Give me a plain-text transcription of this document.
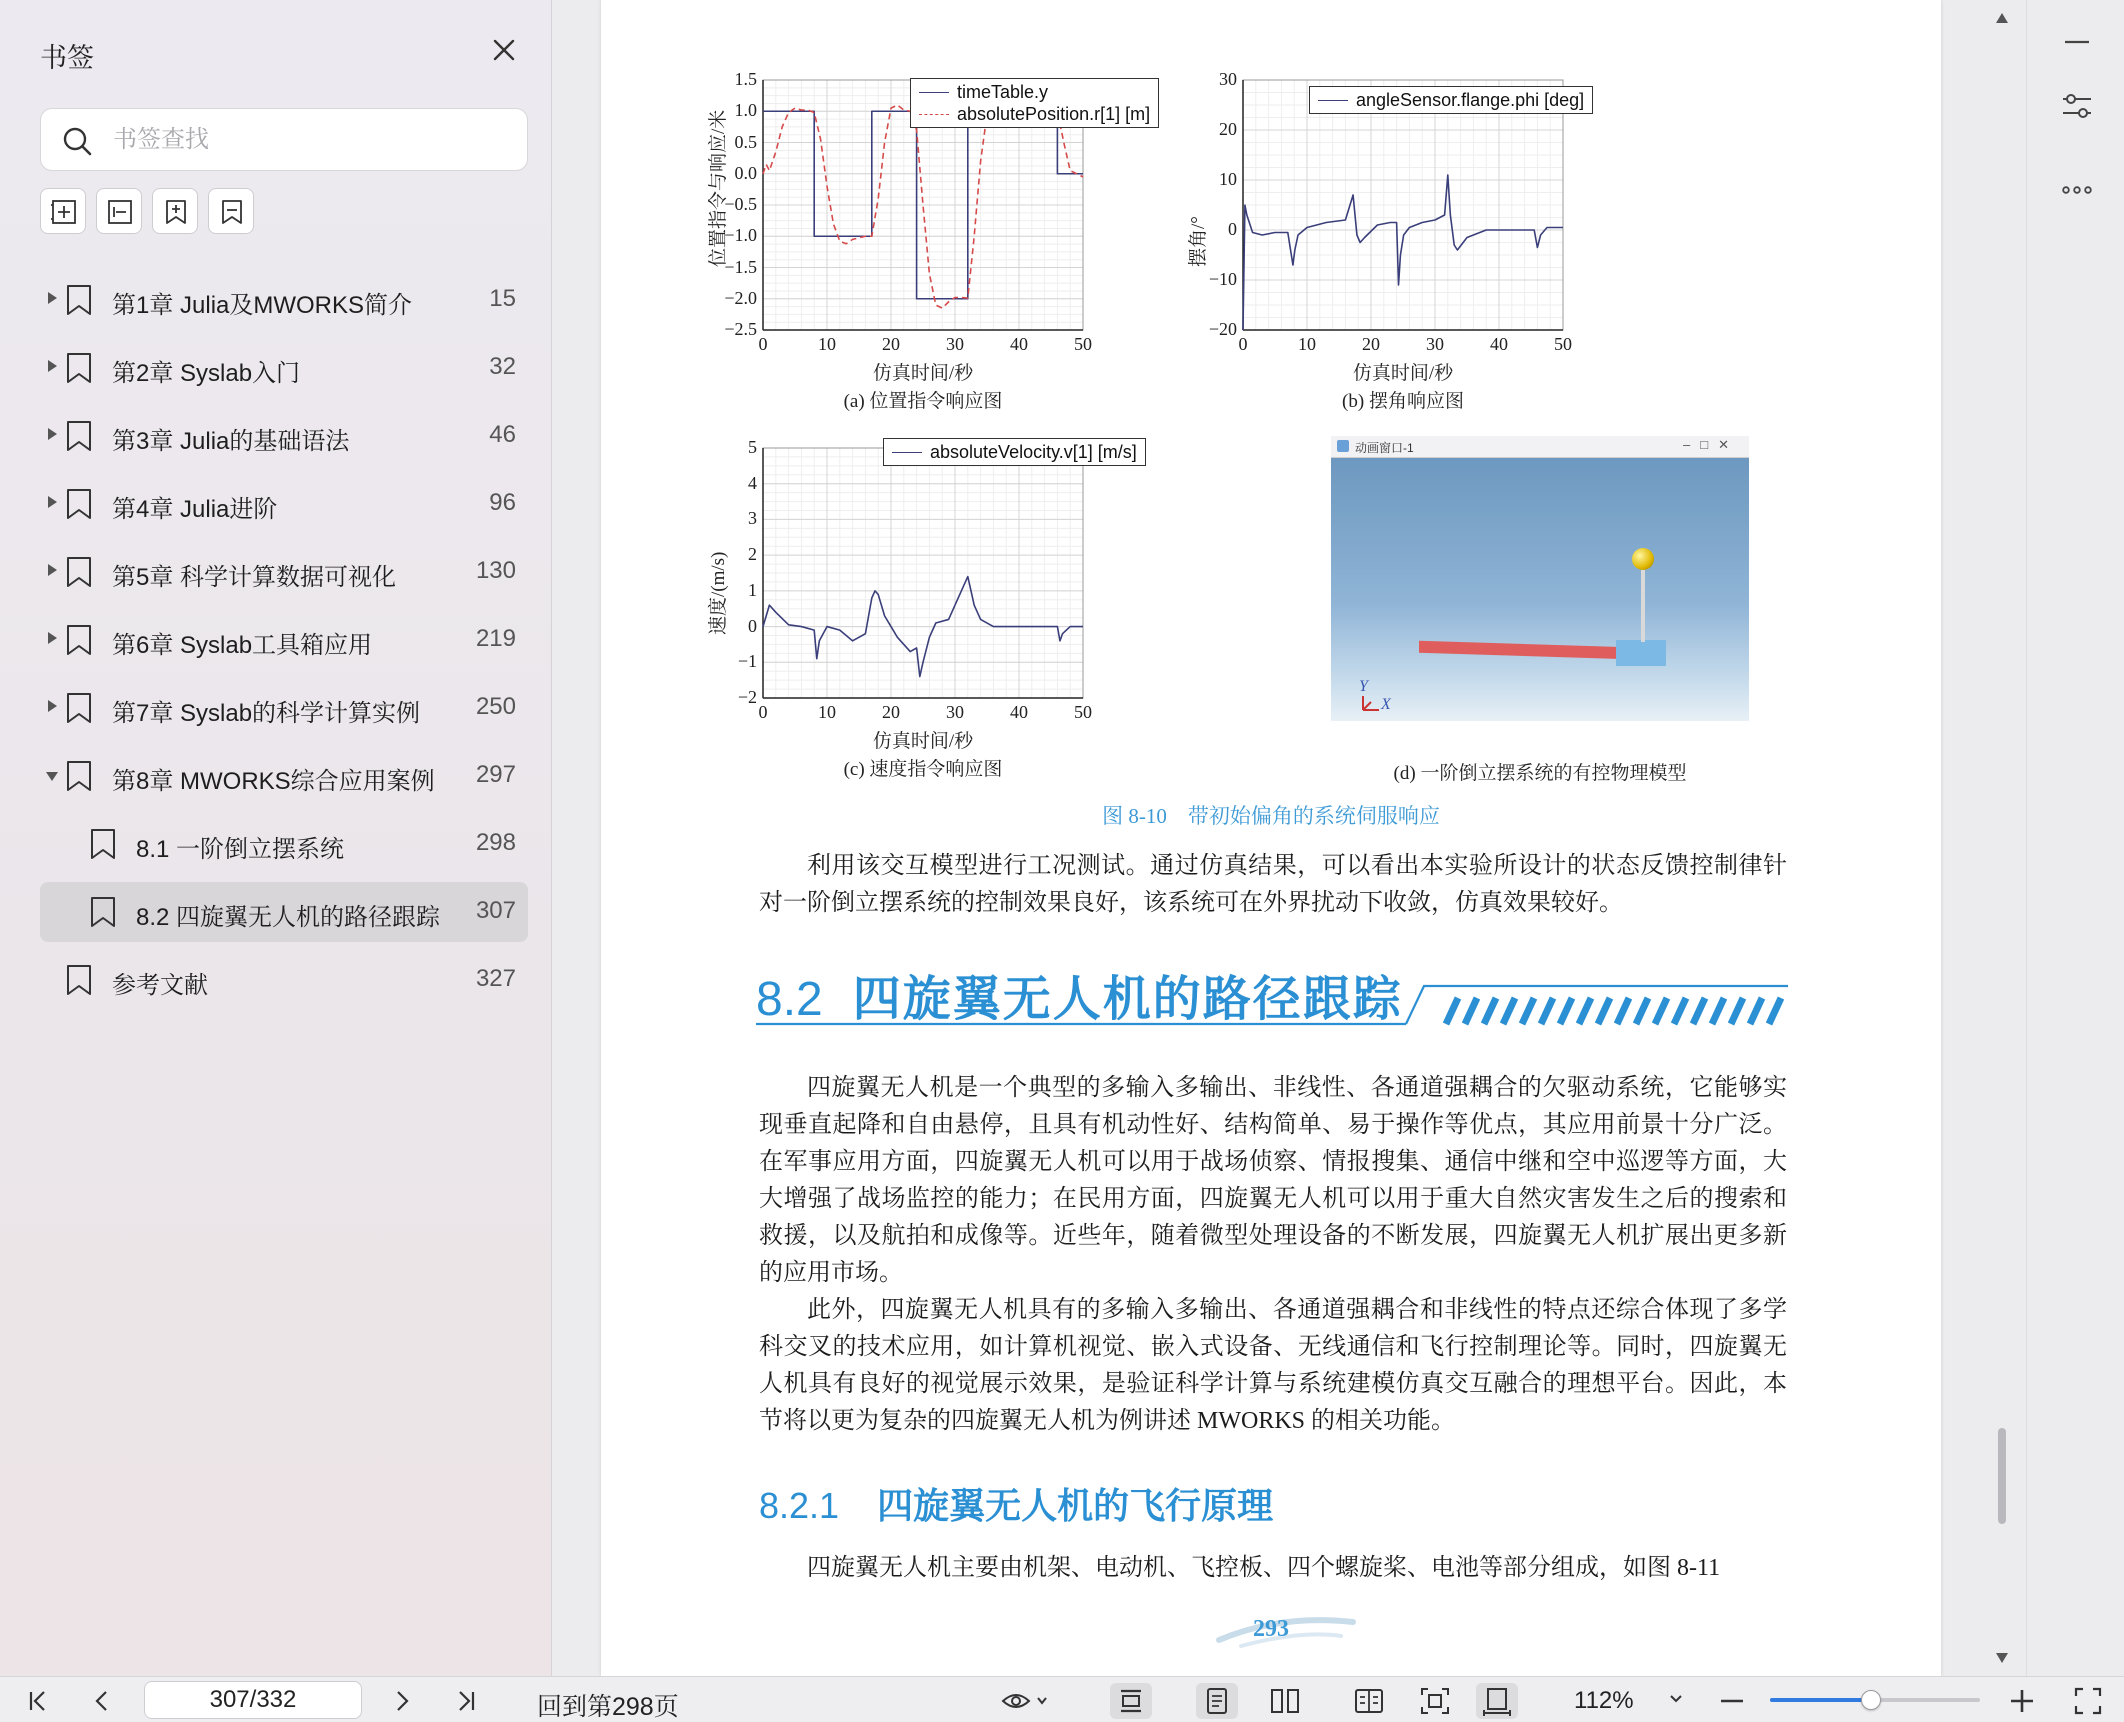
书签
书签查找
第1章 Julia及MWORKS简介	15
第2章 Syslab入门	32
第3章 Julia的基础语法	46
第4章 Julia进阶	96
第5章 科学计算数据可视化	130
第6章 Syslab工具箱应用	219
第7章 Syslab的科学计算实例 250
第8章 MWORKS综合应用案例 297
8.1 一阶倒立摆系统	298
8.2 四旋翼无人机的路径跟踪 307
参考文献	327
timeTable.y
absolutePosition.r[1] [m]
0	10	20	30	40	50
−2.5
−2.0
−1.5
−1.0
−0.5
0.0
0.5
1.0
1.5
仿真时间/秒
位置指令与响应/米
(a) 位置指令响应图
angleSensor.flange.phi [deg]
0	10	20	30	40	50
−20
−10
0
10
20
30
仿真时间/秒
摆角/°
(b) 摆角响应图
absoluteVelocity.v[1] [m/s]
0	10	20	30	40	50
−2
−1
0
1
2
3
4
5
仿真时间/秒
速度/(m/s)
(c) 速度指令响应图
动画窗口-1	–□✕
Y
X
(d) 一阶倒立摆系统的有控物理模型
图 8-10　带初始偏角的系统伺服响应

利用该交互模型进行工况测试。通过仿真结果，可以看出本实验所设计的状态反馈控制律针对一阶倒立摆系统的控制效果良好，该系统可在外界扰动下收敛，仿真效果较好。

8.2 四旋翼无人机的路径跟踪

四旋翼无人机是一个典型的多输入多输出、非线性、各通道强耦合的欠驱动系统，它能够实现垂直起降和自由悬停，且具有机动性好、结构简单、易于操作等优点，其应用前景十分广泛。在军事应用方面，四旋翼无人机可以用于战场侦察、情报搜集、通信中继和空中巡逻等方面，大大增强了战场监控的能力；在民用方面，四旋翼无人机可以用于重大自然灾害发生之后的搜索和救援，以及航拍和成像等。近些年，随着微型处理设备的不断发展，四旋翼无人机扩展出更多新的应用市场。

此外，四旋翼无人机具有的多输入多输出、各通道强耦合和非线性的特点还综合体现了多学科交叉的技术应用，如计算机视觉、嵌入式设备、无线通信和飞行控制理论等。同时，四旋翼无人机具有良好的视觉展示效果，是验证科学计算与系统建模仿真交互融合的理想平台。因此，本节将以更为复杂的四旋翼无人机为例讲述 MWORKS 的相关功能。

8.2.1 四旋翼无人机的飞行原理

四旋翼无人机主要由机架、电动机、飞控板、四个螺旋桨、电池等部分组成，如图 8-11

293
307/332
回到第298页	112%
